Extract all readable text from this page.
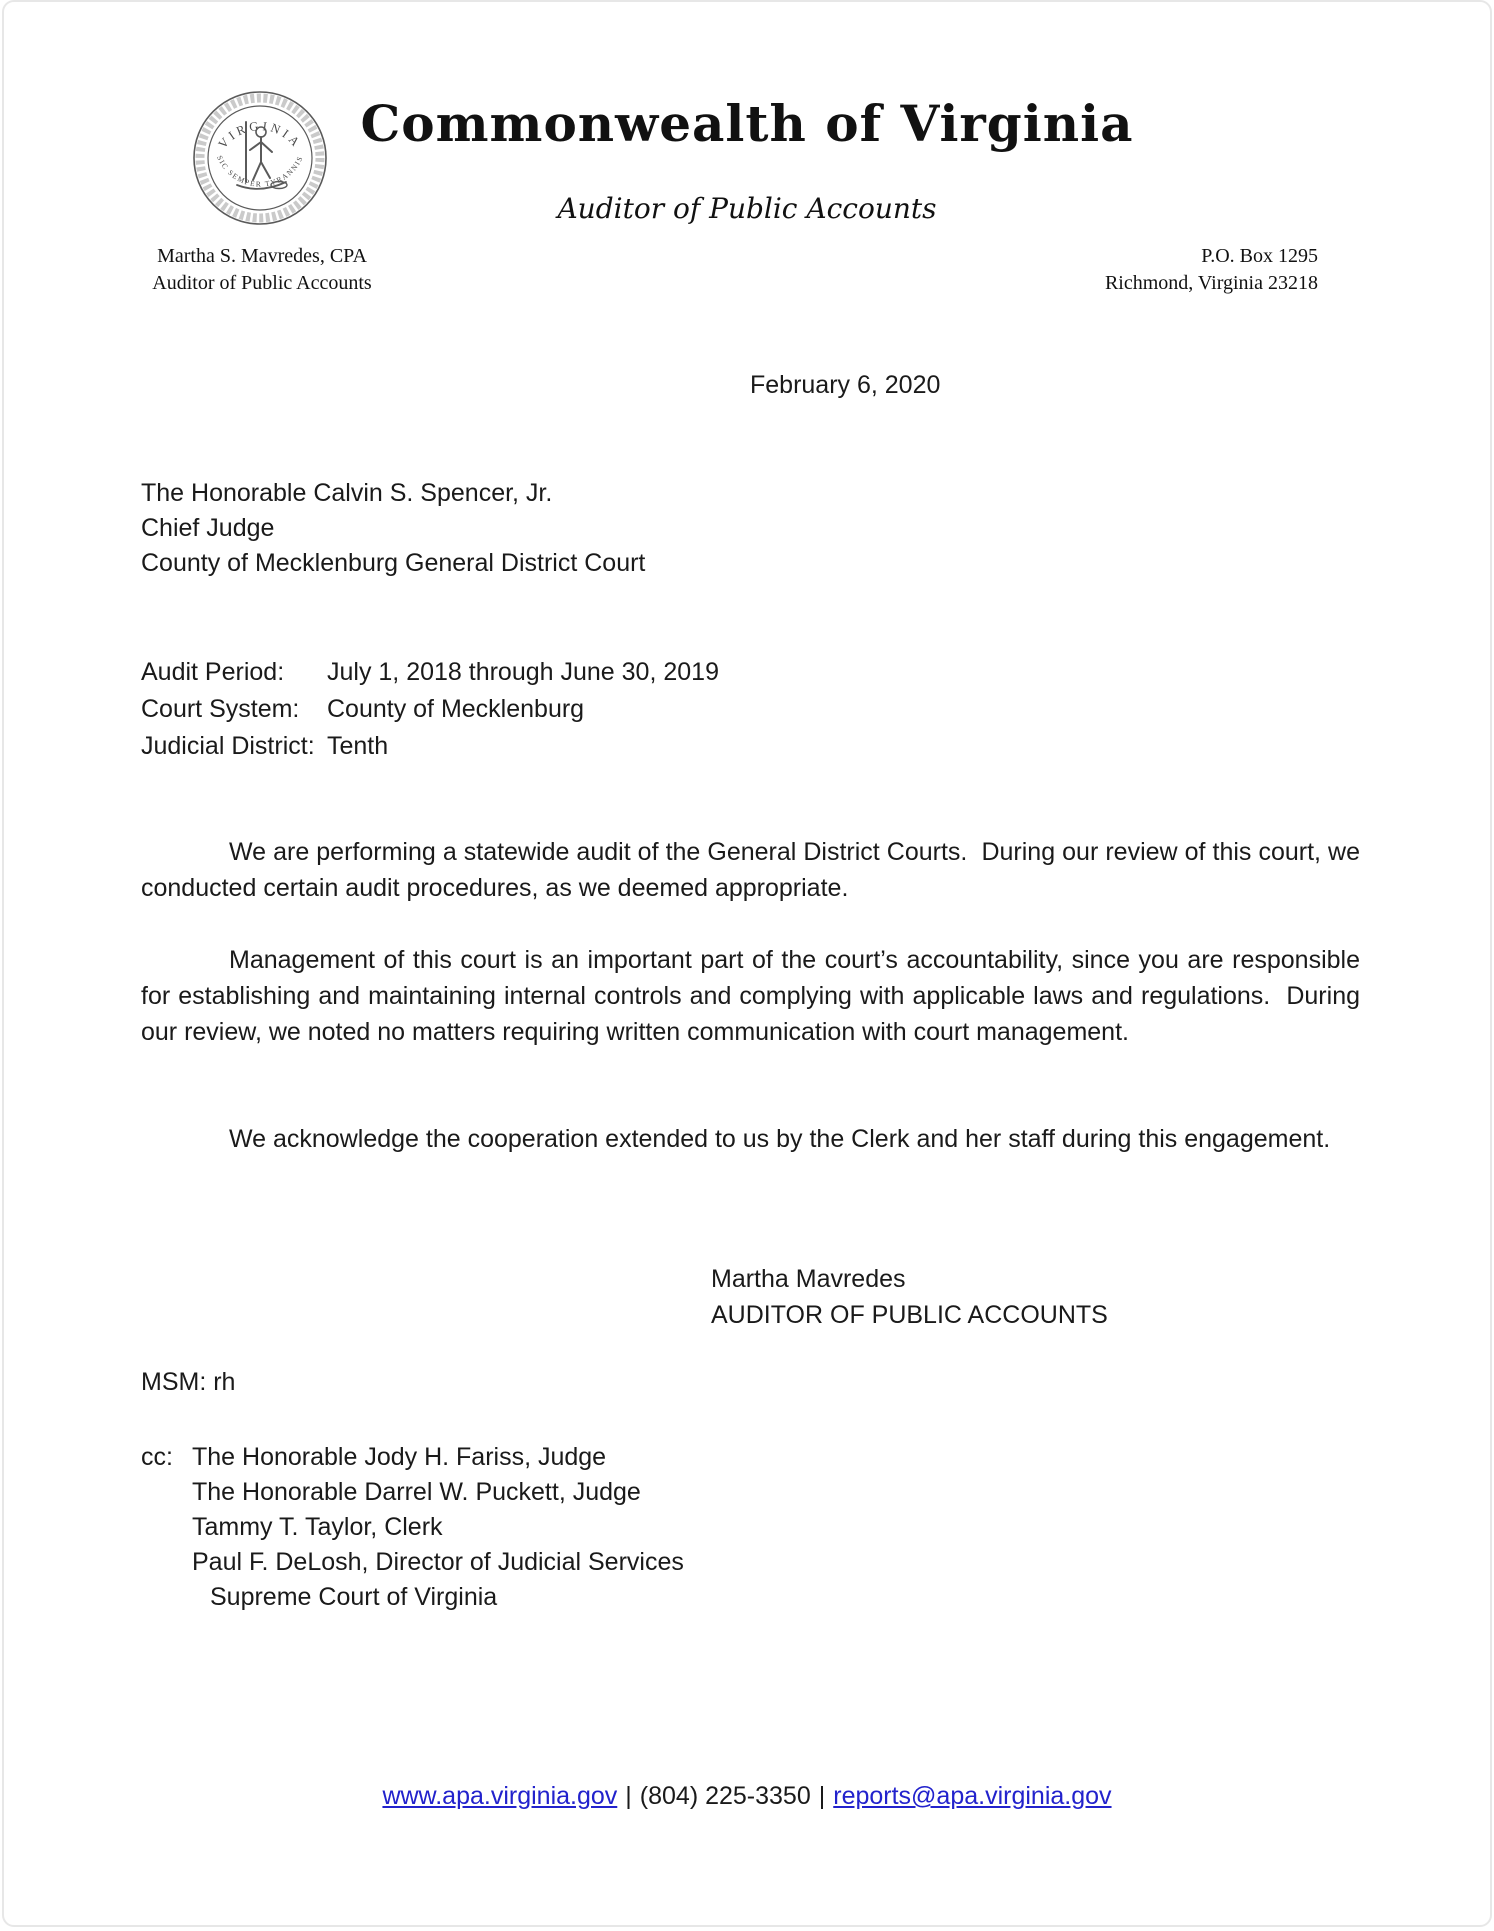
VIRGINIA
SIC SEMPER TYRANNIS
Commonwealth of Virginia
Auditor of Public Accounts
Martha S. Mavredes, CPA
Auditor of Public Accounts
P.O. Box 1295
Richmond, Virginia 23218
February 6, 2020
The Honorable Calvin S. Spencer, Jr.
Chief Judge
County of Mecklenburg General District Court
Audit Period:	July 1, 2018 through June 30, 2019
Court System:	County of Mecklenburg
Judicial District: Tenth

We are performing a statewide audit of the General District Courts.  During our review of this court, we conducted certain audit procedures, as we deemed appropriate.

Management of this court is an important part of the court’s accountability, since you are responsible for establishing and maintaining internal controls and complying with applicable laws and regulations.  During our review, we noted no matters requiring written communication with court management.

We acknowledge the cooperation extended to us by the Clerk and her staff during this engagement.

Martha Mavredes
AUDITOR OF PUBLIC ACCOUNTS
MSM: rh
cc: The Honorable Jody H. Fariss, Judge
The Honorable Darrel W. Puckett, Judge
Tammy T. Taylor, Clerk
Paul F. DeLosh, Director of Judicial Services
Supreme Court of Virginia
www.apa.virginia.gov | (804) 225-3350 | reports@apa.virginia.gov
